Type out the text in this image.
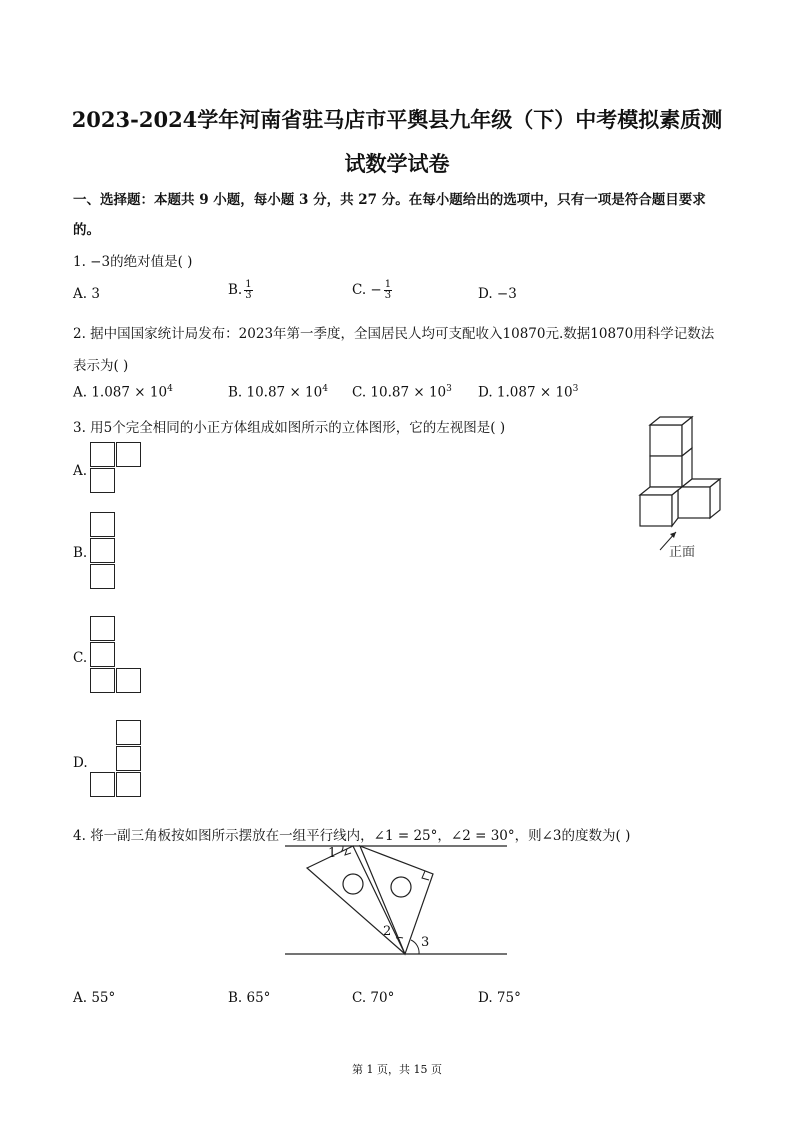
2023-2024学年河南省驻马店市平舆县九年级（下）中考模拟素质测
试数学试卷
一、选择题：本题共 9 小题，每小题 3 分，共 27 分。在每小题给出的选项中，只有一项是符合题目要求
的。
1. −3的绝对值是( )
A. 3	B. $\frac{1}{3}$	C. − $\frac{1}{3}$	D. −3
2. 据中国国家统计局发布：2023年第一季度，全国居民人均可支配收入10870元.数据10870用科学记数法
表示为( )
A. $1.087 \times 10^4$	B. $10.87 \times 10^4$ C. $10.87 \times 10^3$ D. $1.087 \times 10^3$
3. 用5个完全相同的小正方体组成如图所示的立体图形，它的左视图是( )
A.
B.
C.
D.
正面
4. 将一副三角板按如图所示摆放在一组平行线内，∠1 = 25°，∠2 = 30°，则∠3的度数为( )
1
2
3
A. 55°	B. 65°	C. 70°	D. 75°
第 1 页，共 15 页
